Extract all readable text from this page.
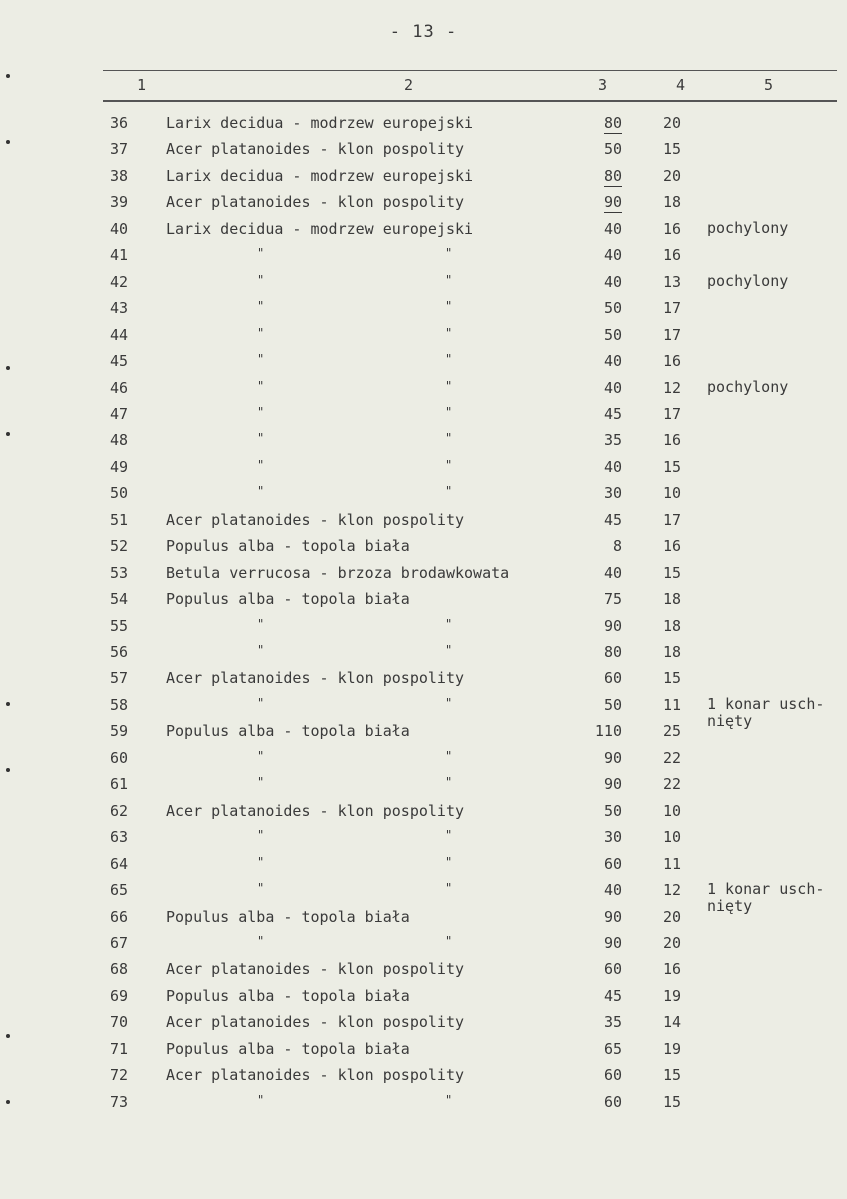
- 13 -
1	2	3	4	5
36	Larix decidua - modrzew europejski	80	20
37	Acer platanoides - klon pospolity	50	15
38	Larix decidua - modrzew europejski	80	20
39	Acer platanoides - klon pospolity	90	18
40	Larix decidua - modrzew europejski	40	16 pochylony
41	"	"	40	16
42	"	"	40	13 pochylony
43	"	"	50	17
44	"	"	50	17
45	"	"	40	16
46	"	"	40	12 pochylony
47	"	"	45	17
48	"	"	35	16
49	"	"	40	15
50	"	"	30	10
51	Acer platanoides - klon pospolity	45	17
52	Populus alba - topola biała	8	16
53	Betula verrucosa - brzoza brodawkowata	40	15
54	Populus alba - topola biała	75	18
55	"	"	90	18
56	"	"	80	18
57	Acer platanoides - klon pospolity	60	15
58	"	"	50	11 1 konar usch-
nięty
59	Populus alba - topola biała	110	25
60	"	"	90	22
61	"	"	90	22
62	Acer platanoides - klon pospolity	50	10
63	"	"	30	10
64	"	"	60	11
65	"	"	40	12 1 konar usch-
nięty
66	Populus alba - topola biała	90	20
67	"	"	90	20
68	Acer platanoides - klon pospolity	60	16
69	Populus alba - topola biała	45	19
70	Acer platanoides - klon pospolity	35	14
71	Populus alba - topola biała	65	19
72	Acer platanoides - klon pospolity	60	15
73	"	"	60	15
